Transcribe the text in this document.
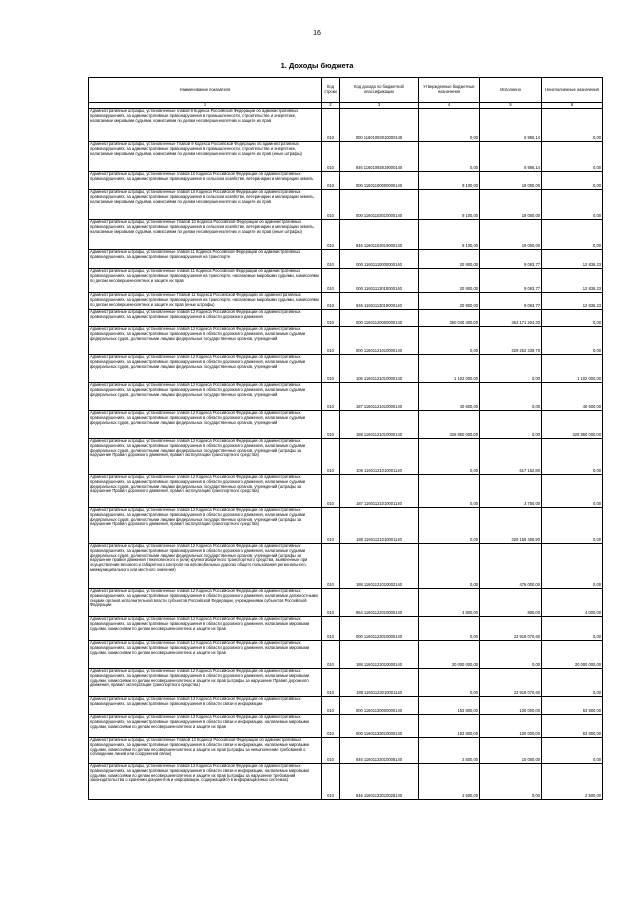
16
1. Доходы бюджета
Наименование показателя	Код строки	Код дохода по бюджетной классификации	Утвержденные бюджетные назначения	Исполнено	Неисполненные назначения
1	2	3	4	5	6
Административные штрафы, установленные главой 9 Кодекса Российской Федерации об административных правонарушениях, за административные правонарушения в промышленности, строительстве и энергетике, налагаемые мировыми судьями, комиссиями по делам несовершеннолетних и защите их прав	010	000 11601093010000140	0,00	6 956,14	0,00
Административные штрафы, установленные Главой 9 Кодекса Российской Федерации об административных правонарушениях, за административные правонарушения в промышленности, строительстве и энергетике, налагаемые мировыми судьями, комиссиями по делам несовершеннолетних и защите их прав (иные штрафы)	010	846 11601093019000140	0,00	6 956,14	0,00
Административные штрафы, установленные главой 10 Кодекса Российской Федерации об административных правонарушениях, за административные правонарушения в сельском хозяйстве, ветеринарии и мелиорации земель	010	000 11601100000000140	9 100,00	19 000,00	0,00
Административные штрафы, установленные главой 10 Кодекса Российской Федерации об административных правонарушениях, за административные правонарушения в сельском хозяйстве, ветеринарии и мелиорации земель, налагаемые мировыми судьями, комиссиями по делам несовершеннолетних и защите их прав	010	000 11601103010000140	9 100,00	19 000,00	0,00
Административные штрафы, установленные Главой 10 Кодекса Российской Федерации об административных правонарушениях, за административные правонарушения в сельском хозяйстве, ветеринарии и мелиорации земель, налагаемые мировыми судьями, комиссиями по делам несовершеннолетних и защите их прав (иные штрафы)	010	846 11601103019000140	9 100,00	19 000,00	0,00
Административные штрафы, установленные главой 11 Кодекса Российской Федерации об административных правонарушениях, за административные правонарушения на транспорте	010	000 11601110000000140	20 900,00	8 063,77	12 836,23
Административные штрафы, установленные главой 11 Кодекса Российской Федерации об административных правонарушениях, за административные правонарушения на транспорте, налагаемые мировыми судьями, комиссиями по делам несовершеннолетних и защите их прав	010	000 11601113010000140	20 900,00	8 063,77	12 836,23
Административные штрафы, установленные Главой 11 Кодекса Российской Федерации об административных правонарушениях, за административные правонарушения на транспорте, налагаемые мировыми судьями, комиссиями по делам несовершеннолетних и защите их прав (иные штрафы)	010	846 11601113019000140	20 900,00	8 063,77	12 836,23
Административные штрафы, установленные главой 12 Кодекса Российской Федерации об административных правонарушениях, за административные правонарушения в области дорожного движения	010	000 11601120000000140	350 040 400,00	353 171 204,30	0,00
Административные штрафы, установленные главой 12 Кодекса Российской Федерации об административных правонарушениях, за административные правонарушения в области дорожного движения, налагаемые судьями федеральных судов, должностными лицами федеральных государственных органов, учреждений	010	000 11601121010000140	0,00	329 252 339,70	0,00
Административные штрафы, установленные главой 12 Кодекса Российской Федерации об административных правонарушениях, за административные правонарушения в области дорожного движения, налагаемые судьями федеральных судов, должностными лицами федеральных государственных органов, учреждений	010	106 11601121010000140	1 102 000,00	0,00	1 102 000,00
Административные штрафы, установленные главой 12 Кодекса Российской Федерации об административных правонарушениях, за административные правонарушения в области дорожного движения, налагаемые судьями федеральных судов, должностными лицами федеральных государственных органов, учреждений	010	187 11601121010000140	40 600,00	0,00	40 600,00
Административные штрафы, установленные главой 12 Кодекса Российской Федерации об административных правонарушениях, за административные правонарушения в области дорожного движения, налагаемые судьями федеральных судов, должностными лицами федеральных государственных органов, учреждений	010	188 11601121010000140	328 850 000,00	0,00	328 850 000,00
Административные штрафы, установленные главой 12 Кодекса Российской Федерации об административных правонарушениях, за административные правонарушения в области дорожного движения, налагаемые судьями федеральных судов, должностными лицами федеральных государственных органов, учреждений (штрафы за нарушение Правил дорожного движения, правил эксплуатации транспортного средства)	010	106 11601121010001140	0,00	617 182,80	0,00
Административные штрафы, установленные главой 12 Кодекса Российской Федерации об административных правонарушениях, за административные правонарушения в области дорожного движения, налагаемые судьями федеральных судов, должностными лицами федеральных государственных органов, учреждений (штрафы за нарушение Правил дорожного движения, правил эксплуатации транспортного средства)	010	187 11601121010001140	0,00	3 750,00	0,00
Административные штрафы, установленные главой 12 Кодекса Российской Федерации об административных правонарушениях, за административные правонарушения в области дорожного движения, налагаемые судьями федеральных судов, должностными лицами федеральных государственных органов, учреждений (штрафы за нарушение Правил дорожного движения, правил эксплуатации транспортного средства)	010	188 11601121010001140	0,00	328 155 406,90	0,00
Административные штрафы, установленные главой 12 Кодекса Российской Федерации об административных правонарушениях, за административные правонарушения в области дорожного движения, налагаемые судьями федеральных судов, должностными лицами федеральных государственных органов, учреждений (штрафы за нарушение правил движения тяжеловесного и (или) крупногабаритного транспортного средства, выявленные при осуществлении весового и габаритного контроля на автомобильных дорогах общего пользования регионального, межмуниципального или местного значения)	010	188 11601121010002140	0,00	476 000,00	0,00
Административные штрафы, установленные главой 12 Кодекса Российской Федерации об административных правонарушениях, за административные правонарушения в области дорожного движения, налагаемые должностными лицами органов исполнительной власти субъектов Российской Федерации, учреждениями субъектов Российской Федерации	010	864 11601122010000140	4 800,00	800,00	4 000,00
Административные штрафы, установленные главой 12 Кодекса Российской Федерации об административных правонарушениях, за административные правонарушения в области дорожного движения, налагаемые мировыми судьями, комиссиями по делам несовершеннолетних и защите их прав	010	000 11601123010000140	0,00	23 918 070,60	0,00
Административные штрафы, установленные главой 12 Кодекса Российской Федерации об административных правонарушениях, за административные правонарушения в области дорожного движения, налагаемые мировыми судьями, комиссиями по делам несовершеннолетних и защите их прав	010	188 11601123010000140	20 000 000,00	0,00	20 000 000,00
Административные штрафы, установленные главой 12 Кодекса Российской Федерации об административных правонарушениях, за административные правонарушения в области дорожного движения, налагаемые мировыми судьями, комиссиями по делам несовершеннолетних и защите их прав (штрафы за нарушение Правил дорожного движения, правил эксплуатации транспортного средства)	010	188 11601123010001140	0,00	23 918 070,60	0,00
Административные штрафы, установленные главой 13 Кодекса Российской Федерации об административных правонарушениях, за административные правонарушения в области связи и информации	010	000 11601130000000140	153 800,00	100 000,00	53 800,00
Административные штрафы, установленные главой 13 Кодекса Российской Федерации об административных правонарушениях, за административные правонарушения в области связи и информации, налагаемые мировыми судьями, комиссиями по делам несовершеннолетних и защите их прав	010	000 11601133010000140	153 800,00	100 000,00	53 800,00
Административные штрафы, установленные Главой 13 Кодекса Российской Федерации об административных правонарушениях, за административные правонарушения в области связи и информации, налагаемые мировыми судьями, комиссиями по делам несовершеннолетних и защите их прав (штрафы за невыполнение требований о соблюдении линий или сооружений связи)	010	846 11601133010008140	2 500,00	10 000,00	0,00
Административные штрафы, установленные главой 13 Кодекса Российской Федерации об административных правонарушениях, за административные правонарушения в области связи и информации, налагаемые мировыми судьями, комиссиями по делам несовершеннолетних и защите их прав (штрафы за нарушение требований законодательства о хранении документов и информации, содержащейся в информационных системах)	010	846 11601133010028140	2 500,00	0,00	2 500,00
